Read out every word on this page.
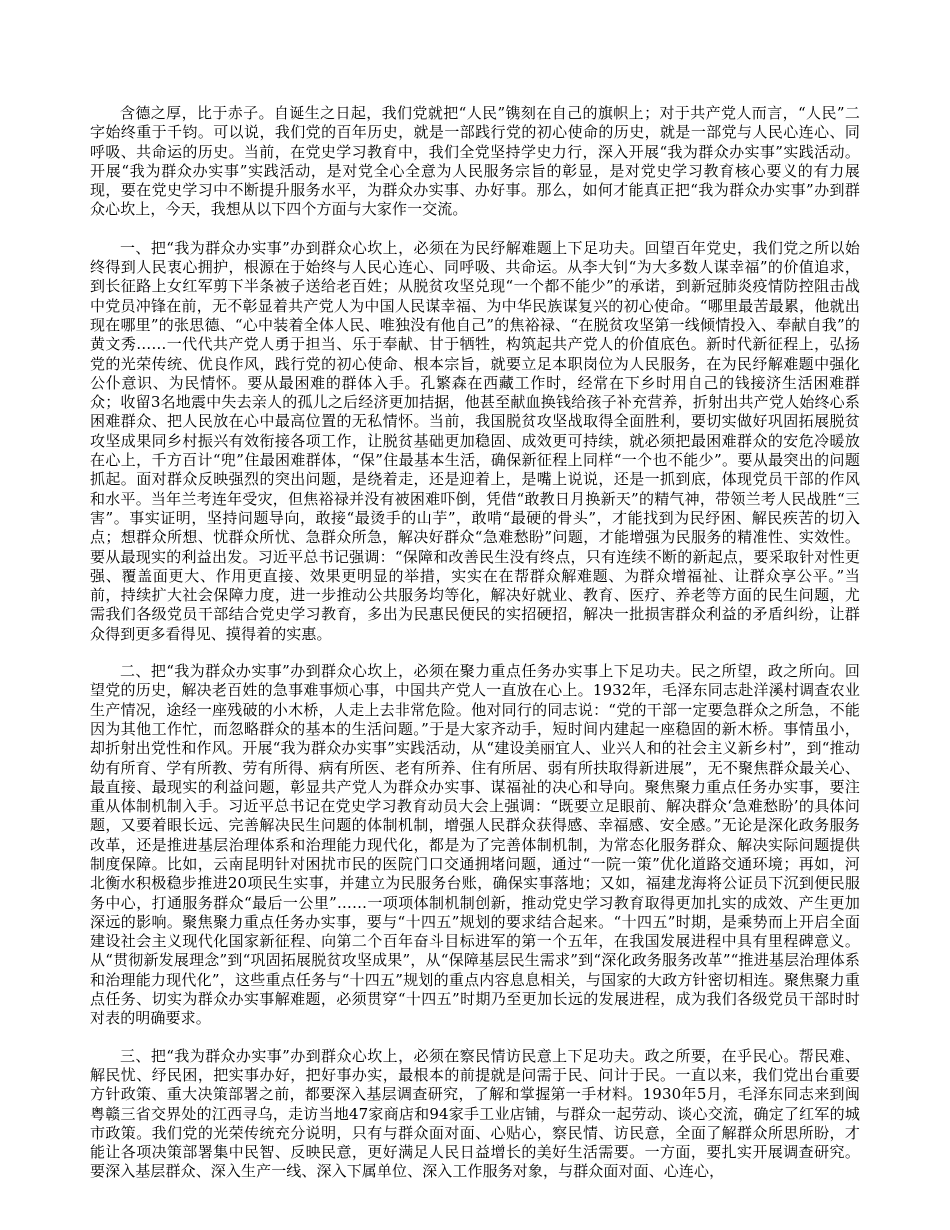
含德之厚，比于赤子。自诞生之日起，我们党就把“人民”镌刻在自己的旗帜上；对于共产党人而言，“人民”二字始终重于千钧。可以说，我们党的百年历史，就是一部践行党的初心使命的历史，就是一部党与人民心连心、同呼吸、共命运的历史。当前，在党史学习教育中，我们全党坚持学史力行，深入开展“我为群众办实事”实践活动。开展“我为群众办实事”实践活动，是对党全心全意为人民服务宗旨的彰显，是对党史学习教育核心要义的有力展现，要在党史学习中不断提升服务水平，为群众办实事、办好事。那么，如何才能真正把“我为群众办实事”办到群众心坎上，今天，我想从以下四个方面与大家作一交流。

一、把“我为群众办实事”办到群众心坎上，必须在为民纾解难题上下足功夫。回望百年党史，我们党之所以始终得到人民衷心拥护，根源在于始终与人民心连心、同呼吸、共命运。从李大钊“为大多数人谋幸福”的价值追求，到长征路上女红军剪下半条被子送给老百姓；从脱贫攻坚兑现“一个都不能少”的承诺，到新冠肺炎疫情防控阻击战中党员冲锋在前，无不彰显着共产党人为中国人民谋幸福、为中华民族谋复兴的初心使命。“哪里最苦最累，他就出现在哪里”的张思德、“心中装着全体人民、唯独没有他自己”的焦裕禄、“在脱贫攻坚第一线倾情投入、奉献自我”的黄文秀……一代代共产党人勇于担当、乐于奉献、甘于牺牲，构筑起共产党人的价值底色。新时代新征程上，弘扬党的光荣传统、优良作风，践行党的初心使命、根本宗旨，就要立足本职岗位为人民服务，在为民纾解难题中强化公仆意识、为民情怀。要从最困难的群体入手。孔繁森在西藏工作时，经常在下乡时用自己的钱接济生活困难群众；收留3名地震中失去亲人的孤儿之后经济更加拮据，他甚至献血换钱给孩子补充营养，折射出共产党人始终心系困难群众、把人民放在心中最高位置的无私情怀。当前，我国脱贫攻坚战取得全面胜利，要切实做好巩固拓展脱贫攻坚成果同乡村振兴有效衔接各项工作，让脱贫基础更加稳固、成效更可持续，就必须把最困难群众的安危冷暖放在心上，千方百计“兜”住最困难群体，“保”住最基本生活，确保新征程上同样“一个也不能少”。要从最突出的问题抓起。面对群众反映强烈的突出问题，是绕着走，还是迎着上，是嘴上说说，还是一抓到底，体现党员干部的作风和水平。当年兰考连年受灾，但焦裕禄并没有被困难吓倒，凭借“敢教日月换新天”的精气神，带领兰考人民战胜“三害”。事实证明，坚持问题导向，敢接“最烫手的山芋”，敢啃“最硬的骨头”，才能找到为民纾困、解民疾苦的切入点；想群众所想、忧群众所忧、急群众所急，解决好群众“急难愁盼”问题，才能增强为民服务的精准性、实效性。要从最现实的利益出发。习近平总书记强调：“保障和改善民生没有终点，只有连续不断的新起点，要采取针对性更强、覆盖面更大、作用更直接、效果更明显的举措，实实在在帮群众解难题、为群众增福祉、让群众享公平。”当前，持续扩大社会保障力度，进一步推动公共服务均等化，解决好就业、教育、医疗、养老等方面的民生问题，尤需我们各级党员干部结合党史学习教育，多出为民惠民便民的实招硬招，解决一批损害群众利益的矛盾纠纷，让群众得到更多看得见、摸得着的实惠。

二、把“我为群众办实事”办到群众心坎上，必须在聚力重点任务办实事上下足功夫。民之所望，政之所向。回望党的历史，解决老百姓的急事难事烦心事，中国共产党人一直放在心上。1932年，毛泽东同志赴洋溪村调查农业生产情况，途经一座残破的小木桥，人走上去非常危险。他对同行的同志说：“党的干部一定要急群众之所急，不能因为其他工作忙，而忽略群众的基本的生活问题。”于是大家齐动手，短时间内建起一座稳固的新木桥。事情虽小，却折射出党性和作风。开展“我为群众办实事”实践活动，从“建设美丽宜人、业兴人和的社会主义新乡村”，到“推动幼有所育、学有所教、劳有所得、病有所医、老有所养、住有所居、弱有所扶取得新进展”，无不聚焦群众最关心、最直接、最现实的利益问题，彰显共产党人为群众办实事、谋福祉的决心和导向。聚焦聚力重点任务办实事，要注重从体制机制入手。习近平总书记在党史学习教育动员大会上强调：“既要立足眼前、解决群众‘急难愁盼’的具体问题，又要着眼长远、完善解决民生问题的体制机制，增强人民群众获得感、幸福感、安全感。”无论是深化政务服务改革，还是推进基层治理体系和治理能力现代化，都是为了完善体制机制，为常态化服务群众、解决实际问题提供制度保障。比如，云南昆明针对困扰市民的医院门口交通拥堵问题，通过“一院一策”优化道路交通环境；再如，河北衡水积极稳步推进20项民生实事，并建立为民服务台账，确保实事落地；又如，福建龙海将公证员下沉到便民服务中心，打通服务群众“最后一公里”……一项项体制机制创新，推动党史学习教育取得更加扎实的成效、产生更加深远的影响。聚焦聚力重点任务办实事，要与“十四五”规划的要求结合起来。“十四五”时期，是乘势而上开启全面建设社会主义现代化国家新征程、向第二个百年奋斗目标进军的第一个五年，在我国发展进程中具有里程碑意义。从“贯彻新发展理念”到“巩固拓展脱贫攻坚成果”，从“保障基层民生需求”到“深化政务服务改革”“推进基层治理体系和治理能力现代化”，这些重点任务与“十四五”规划的重点内容息息相关，与国家的大政方针密切相连。聚焦聚力重点任务、切实为群众办实事解难题，必须贯穿“十四五”时期乃至更加长远的发展进程，成为我们各级党员干部时时对表的明确要求。

三、把“我为群众办实事”办到群众心坎上，必须在察民情访民意上下足功夫。政之所要，在乎民心。帮民难、解民忧、纾民困，把实事办好，把好事办实，最根本的前提就是问需于民、问计于民。一直以来，我们党出台重要方针政策、重大决策部署之前，都要深入基层调查研究，了解和掌握第一手材料。1930年5月，毛泽东同志来到闽粤赣三省交界处的江西寻乌，走访当地47家商店和94家手工业店铺，与群众一起劳动、谈心交流，确定了红军的城市政策。我们党的光荣传统充分说明，只有与群众面对面、心贴心，察民情、访民意，全面了解群众所思所盼，才能让各项决策部署集中民智、反映民意，更好满足人民日益增长的美好生活需要。一方面，要扎实开展调查研究。要深入基层群众、深入生产一线、深入下属单位、深入工作服务对象，与群众面对面、心连心，
